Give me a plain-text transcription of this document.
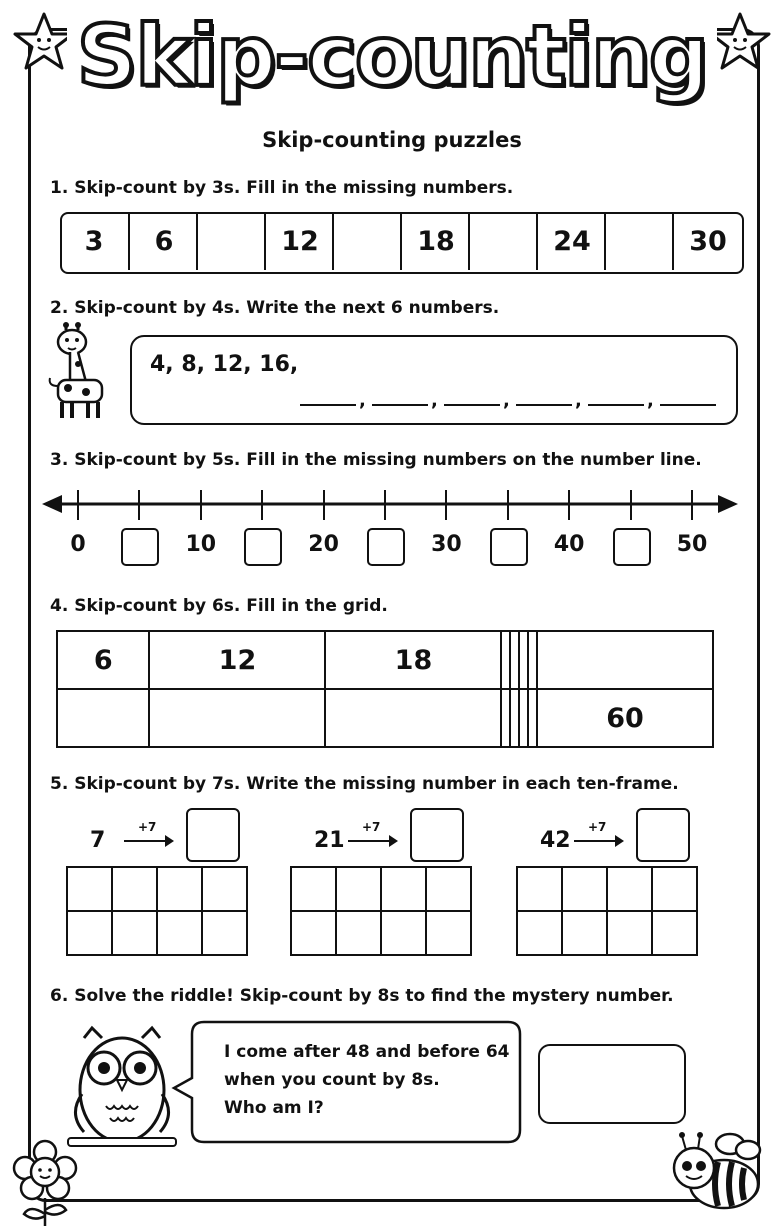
Skip-counting
Skip-counting puzzles
1. Skip-count by 3s. Fill in the missing numbers.
3	6	12	18	24	30
2. Skip-count by 4s. Write the next 6 numbers.
4, 8, 12, 16,
,	,	,	,	,
3. Skip-count by 5s. Fill in the missing numbers on the number line.
0	10	20	30	40	50
4. Skip-count by 6s. Fill in the grid.
6	12	18					
							60
5. Skip-count by 7s. Write the missing number in each ten-frame.
7
+7

21
+7

42
+7

6. Solve the riddle! Skip-count by 8s to find the mystery number.
I come after 48 and before 64
when you count by 8s.
Who am I?
